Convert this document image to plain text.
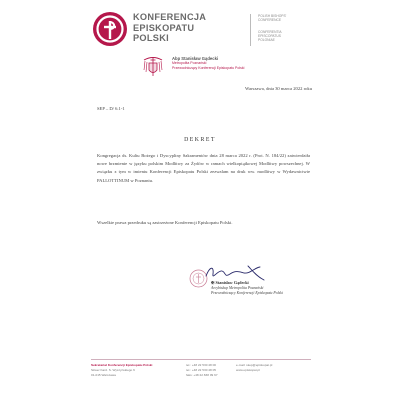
KONFERENCJA
EPISKOPATU
POLSKI
POLISH BISHOPS'
CONFERENCE
CONFERENTIA
EPISCOPATUS
POLONIAE
Abp Stanisław Gądecki
Metropolita Poznański
Przewodniczący Konferencji Episkopatu Polski
Warszawa, dnia 30 marca 2022 roku
SEP – D/ 6.1-1
DEKRET
Kongregacja ds. Kultu Bożego i Dyscypliny Sakramentów dnia 28 marca 2022 r. (Prot. N. 184/22) zatwierdziła nowe brzmienie w języku polskim Modlitwy za Żydów w ramach wielkopiątkowej Modlitwy powszechnej. W związku z tym w imieniu Konferencji Episkopatu Polski zezwalam na druk ww. modlitwy w Wydawnictwie PALLOTTINUM w Poznaniu.
Wszelkie prawa przedruku są zastrzeżone Konferencji Episkopatu Polski.
✠ Stanisław Gądecki
Arcybiskup Metropolita Poznański
Przewodniczący Konferencji Episkopatu Polski
Sekretariat Konferencji Episkopatu Polski
Skwer Kard. S. Wyszyńskiego 6
01-015 Warszawa
tel.: +48 22 530 48 00
tel.: +48 22 530 48 05
faks: +48 22 838 09 67
e-mail: skep@episkopat.pl
www.episkopat.pl
